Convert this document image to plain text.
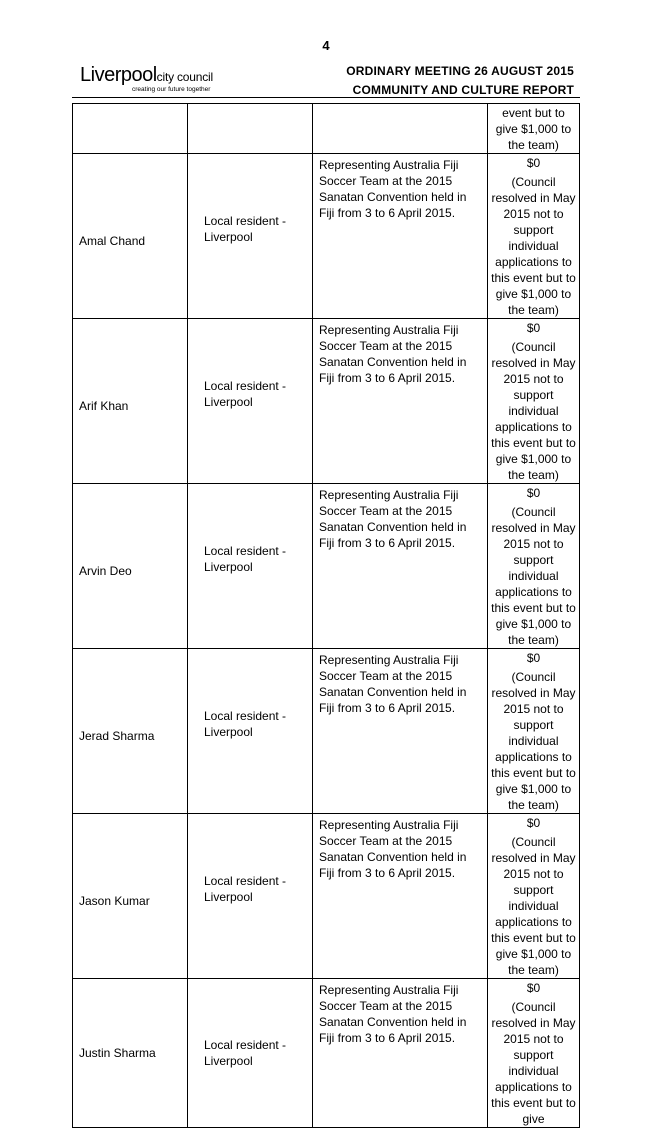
4
Liverpoolcity council
creating our future together
ORDINARY MEETING 26 AUGUST 2015
COMMUNITY AND CULTURE REPORT
			event but to give $1,000 to the team)

Amal Chand	Local resident - Liverpool	Representing Australia Fiji Soccer Team at the 2015 Sanatan Convention held in Fiji from 3 to 6 April 2015.	$0
(Council resolved in May 2015 not to support individual applications to this event but to give $1,000 to the team)

Arif Khan	Local resident - Liverpool	Representing Australia Fiji Soccer Team at the 2015 Sanatan Convention held in Fiji from 3 to 6 April 2015.	$0
(Council resolved in May 2015 not to support individual applications to this event but to give $1,000 to the team)

Arvin Deo	Local resident - Liverpool	Representing Australia Fiji Soccer Team at the 2015 Sanatan Convention held in Fiji from 3 to 6 April 2015.	$0
(Council resolved in May 2015 not to support individual applications to this event but to give $1,000 to the team)

Jerad Sharma	Local resident - Liverpool	Representing Australia Fiji Soccer Team at the 2015 Sanatan Convention held in Fiji from 3 to 6 April 2015.	$0
(Council resolved in May 2015 not to support individual applications to this event but to give $1,000 to the team)

Jason Kumar	Local resident - Liverpool	Representing Australia Fiji Soccer Team at the 2015 Sanatan Convention held in Fiji from 3 to 6 April 2015.	$0
(Council resolved in May 2015 not to support individual applications to this event but to give $1,000 to the team)
Justin Sharma	Local resident - Liverpool	Representing Australia Fiji Soccer Team at the 2015 Sanatan Convention held in Fiji from 3 to 6 April 2015.	$0
(Council resolved in May 2015 not to support individual applications to this event but to give
